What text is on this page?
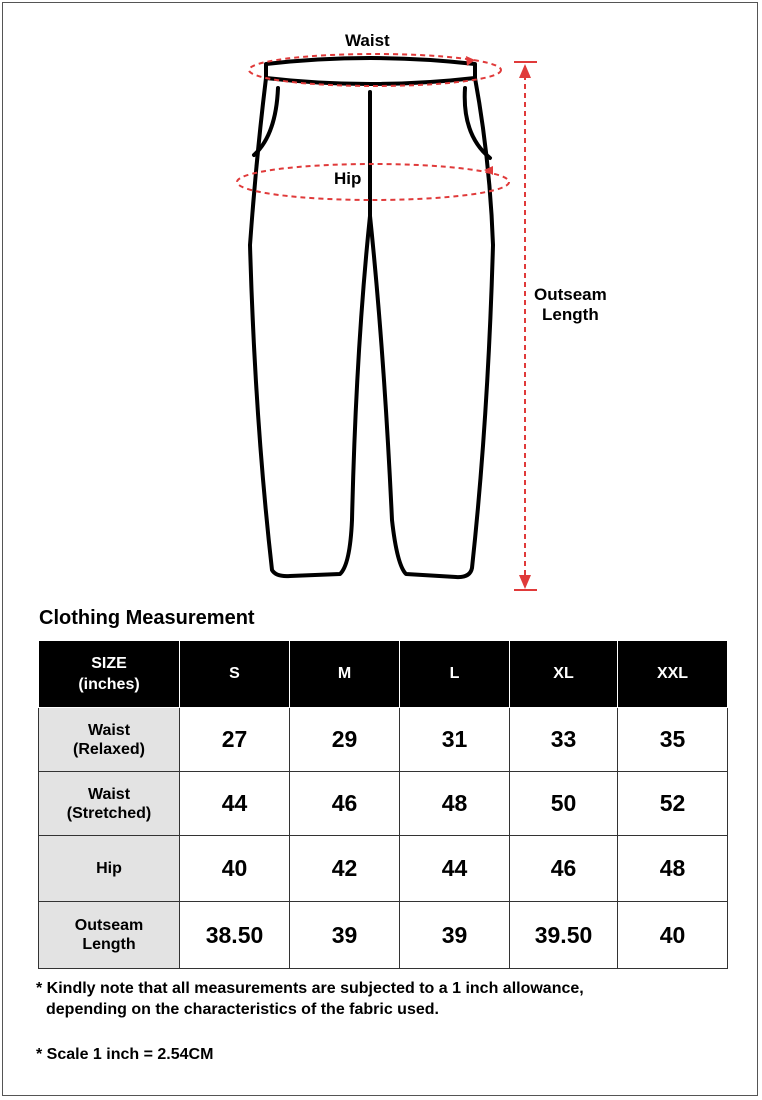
Waist
Hip
Outseam
Length
Clothing Measurement
SIZE
(inches)	S	M	L	XL	XXL

Waist
(Relaxed)	27	29	31	33	35

Waist
(Stretched)	44	46	48	50	52

Hip	40	42	44	46	48

Outseam
Length	38.50	39	39	39.50	40
* Kindly note that all measurements are subjected to a 1 inch allowance,
depending on the characteristics of the fabric used.
* Scale 1 inch = 2.54CM
